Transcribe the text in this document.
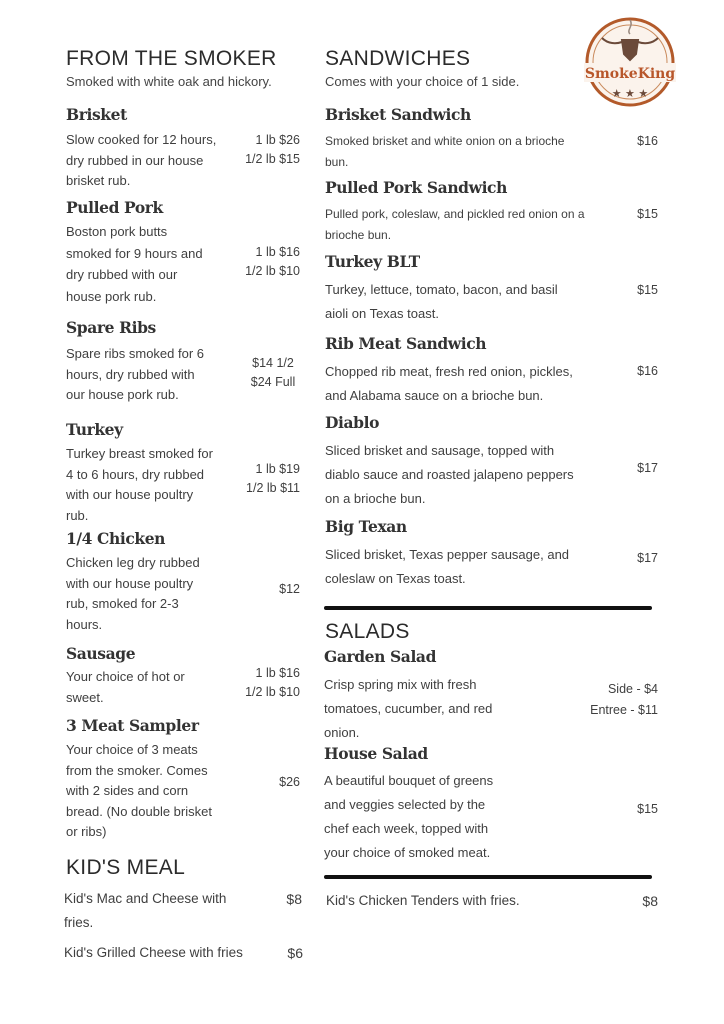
SmokeKing
★ ★ ★
FROM THE SMOKER
Smoked with white oak and hickory.
Brisket
Slow cooked for 12 hours,
dry rubbed in our house
brisket rub.
1 lb $26
1/2 lb $15
Pulled Pork
Boston pork butts
smoked for 9 hours and
dry rubbed with our
house pork rub.
1 lb $16
1/2 lb $10
Spare Ribs
Spare ribs smoked for 6
hours, dry rubbed with
our house pork rub.
$14 1/2
$24 Full
Turkey
Turkey breast smoked for
4 to 6 hours, dry rubbed
with our house poultry
rub.
1 lb $19
1/2 lb $11
1/4 Chicken
Chicken leg dry rubbed
with our house poultry
rub, smoked for 2-3
hours.
$12
Sausage
Your choice of hot or
sweet.
1 lb $16
1/2 lb $10
3 Meat Sampler
Your choice of 3 meats
from the smoker. Comes
with 2 sides and corn
bread. (No double brisket
or ribs)
$26
KID'S MEAL
Kid's Mac and Cheese with
fries.
$8
Kid's Grilled Cheese with fries	$6
SANDWICHES
Comes with your choice of 1 side.
Brisket Sandwich
Smoked brisket and white onion on a brioche
bun.
$16
Pulled Pork Sandwich
Pulled pork, coleslaw, and pickled red onion on a
brioche bun.
$15
Turkey BLT
Turkey, lettuce, tomato, bacon, and basil
aioli on Texas toast.
$15
Rib Meat Sandwich
Chopped rib meat, fresh red onion, pickles,
and Alabama sauce on a brioche bun.
$16
Diablo
Sliced brisket and sausage, topped with
diablo sauce and roasted jalapeno peppers
on a brioche bun.
$17
Big Texan
Sliced brisket, Texas pepper sausage, and
coleslaw on Texas toast.
$17
SALADS
Garden Salad
Crisp spring mix with fresh
tomatoes, cucumber, and red
onion.
Side - $4
Entree - $11
House Salad
A beautiful bouquet of greens
and veggies selected by the
chef each week, topped with
your choice of smoked meat.
$15
Kid's Chicken Tenders with fries.	$8
